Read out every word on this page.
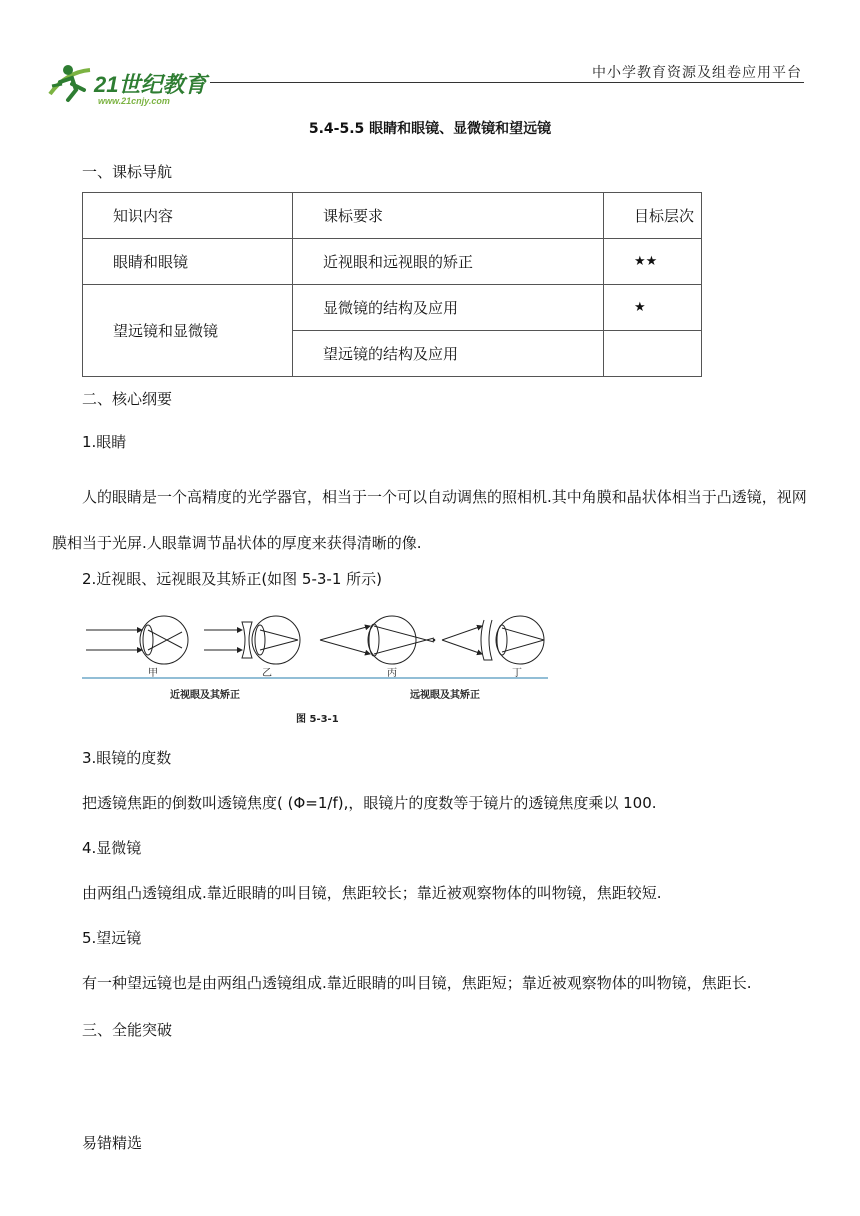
21世纪教育
www.21cnjy.com
中小学教育资源及组卷应用平台
5.4-5.5 眼睛和眼镜、显微镜和望远镜
一、课标导航
知识内容	课标要求	目标层次
眼睛和眼镜	近视眼和远视眼的矫正	★★
望远镜和显微镜	显微镜的结构及应用	★
	望远镜的结构及应用	
二、核心纲要
1.眼睛
人的眼睛是一个高精度的光学器官，相当于一个可以自动调焦的照相机.其中角膜和晶状体相当于凸透镜，视网膜相当于光屏.人眼靠调节晶状体的厚度来获得清晰的像.
2.近视眼、远视眼及其矫正(如图 5-3-1 所示)
甲	乙	丙	丁
近视眼及其矫正	远视眼及其矫正
图 5-3-1
3.眼镜的度数
把透镜焦距的倒数叫透镜焦度( (Φ=1/f),，眼镜片的度数等于镜片的透镜焦度乘以 100.
4.显微镜
由两组凸透镜组成.靠近眼睛的叫目镜，焦距较长；靠近被观察物体的叫物镜，焦距较短.
5.望远镜
有一种望远镜也是由两组凸透镜组成.靠近眼睛的叫目镜，焦距短；靠近被观察物体的叫物镜，焦距长.
三、全能突破
易错精选
